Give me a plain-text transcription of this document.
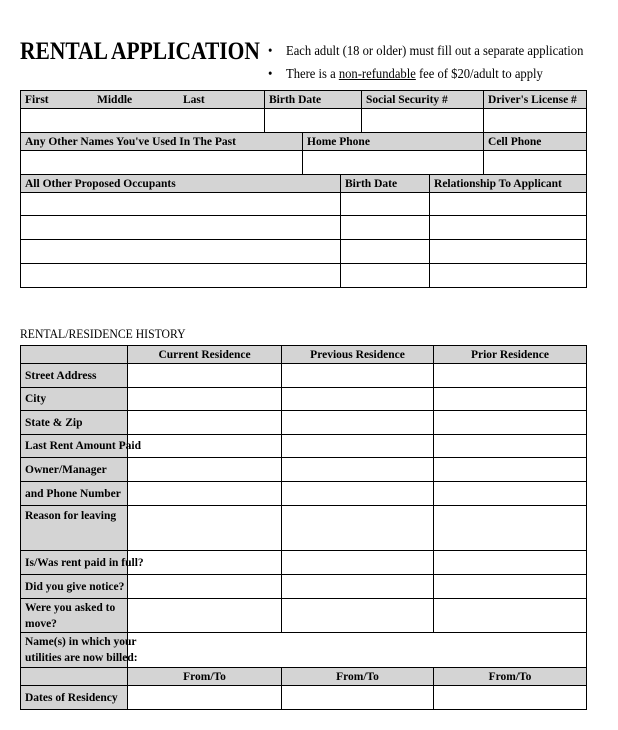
RENTAL APPLICATION • Each adult (18 or older) must fill out a separate application
• There is a non-refundable fee of $20/adult to apply
First Middle Last	Birth Date			Social Security #		Driver's License #

Any Other Names You've Used In The Past		Home Phone				Cell Phone

All Other Proposed Occupants			Birth Date		Relationship To Applicant	

RENTAL/RESIDENCE HISTORY
	Current Residence	Previous Residence	Prior Residence
Street Address			
City			
State & Zip			
Last Rent Amount Paid			
Owner/Manager			
and Phone Number			
Reason for leaving			
Is/Was rent paid in full?			
Did you give notice?			

Were you asked to
move?			

Name(s) in which your
utilities are now billed:			

	From/To	From/To	From/To
Dates of Residency			
